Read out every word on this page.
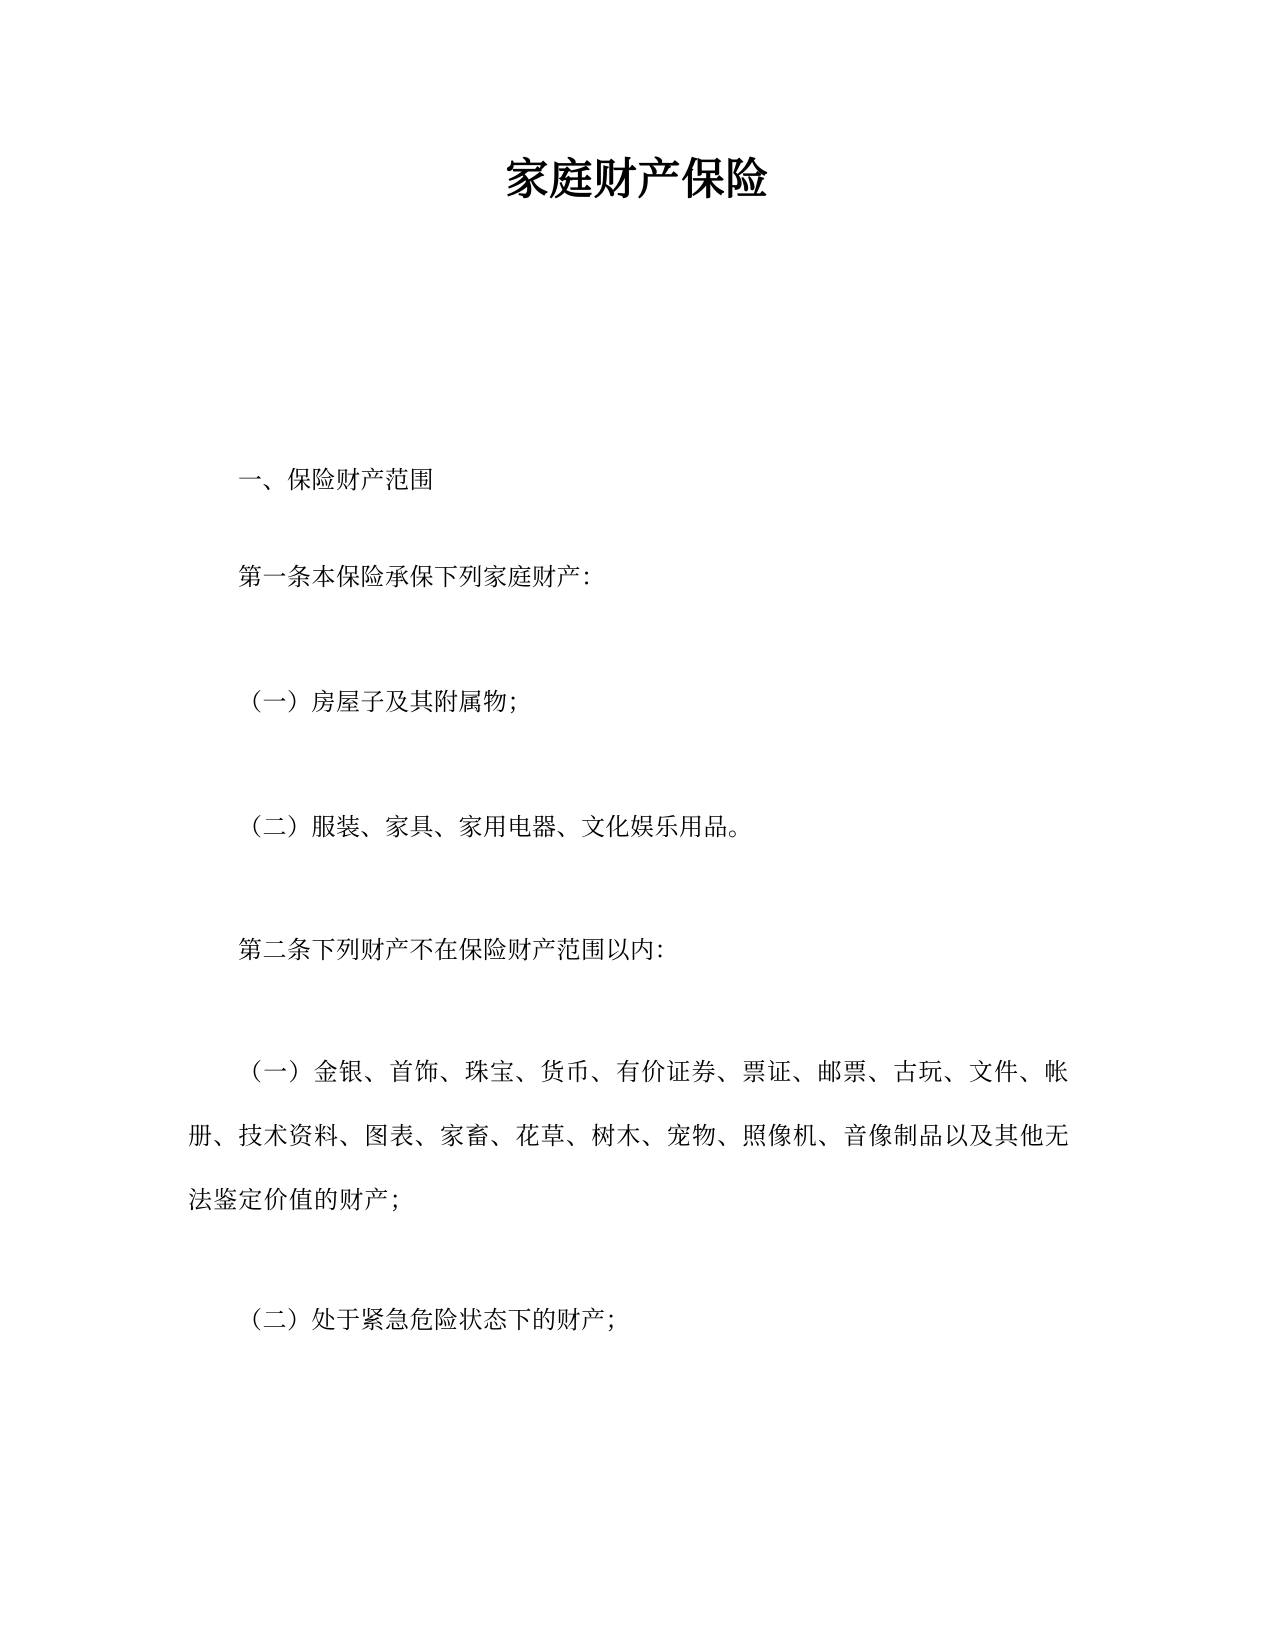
家庭财产保险

一、保险财产范围

第一条本保险承保下列家庭财产：

（一）房屋子及其附属物；

（二）服装、家具、家用电器、文化娱乐用品。

第二条下列财产不在保险财产范围以内：

（一）金银、首饰、珠宝、货币、有价证券、票证、邮票、古玩、文件、帐册、技术资料、图表、家畜、花草、树木、宠物、照像机、音像制品以及其他无法鉴定价值的财产；

（二）处于紧急危险状态下的财产；
